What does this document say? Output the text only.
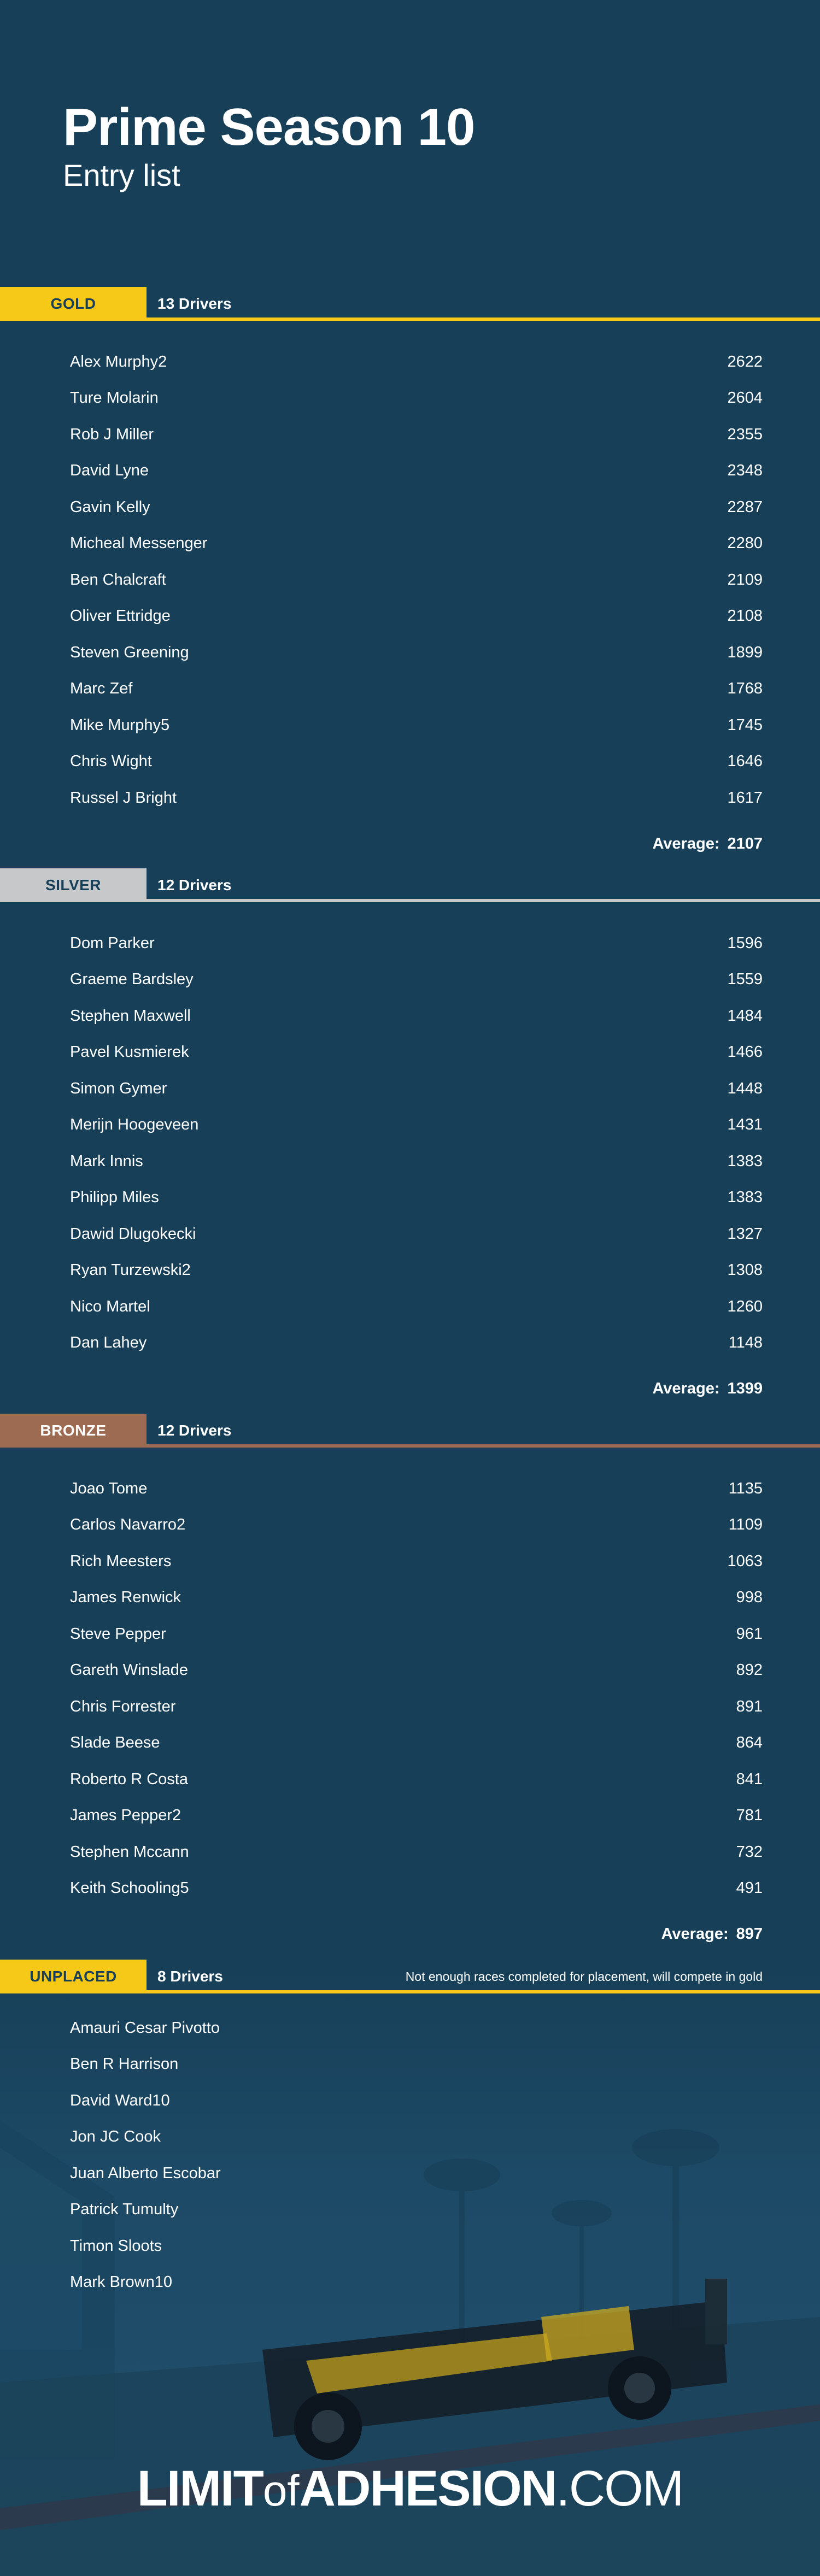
Prime Season 10
Entry list
GOLD	13 Drivers
Alex Murphy2	2622
Ture Molarin	2604
Rob J Miller	2355
David Lyne	2348
Gavin Kelly	2287
Micheal Messenger	2280
Ben Chalcraft	2109
Oliver Ettridge	2108
Steven Greening	1899
Marc Zef	1768
Mike Murphy5	1745
Chris Wight	1646
Russel J Bright	1617
Average: 2107
SILVER	12 Drivers
Dom Parker	1596
Graeme Bardsley	1559
Stephen Maxwell	1484
Pavel Kusmierek	1466
Simon Gymer	1448
Merijn Hoogeveen	1431
Mark Innis	1383
Philipp Miles	1383
Dawid Dlugokecki	1327
Ryan Turzewski2	1308
Nico Martel	1260
Dan Lahey	1148
Average: 1399
BRONZE	12 Drivers
Joao Tome	1135
Carlos Navarro2	1109
Rich Meesters	1063
James Renwick	998
Steve Pepper	961
Gareth Winslade	892
Chris Forrester	891
Slade Beese	864
Roberto R Costa	841
James Pepper2	781
Stephen Mccann	732
Keith Schooling5	491
Average: 897
UNPLACED	8 Drivers	Not enough races completed for placement, will compete in gold
Amauri Cesar Pivotto
Ben R Harrison
David Ward10
Jon JC Cook
Juan Alberto Escobar
Patrick Tumulty
Timon Sloots
Mark Brown10
LIMITofADHESION.COM
